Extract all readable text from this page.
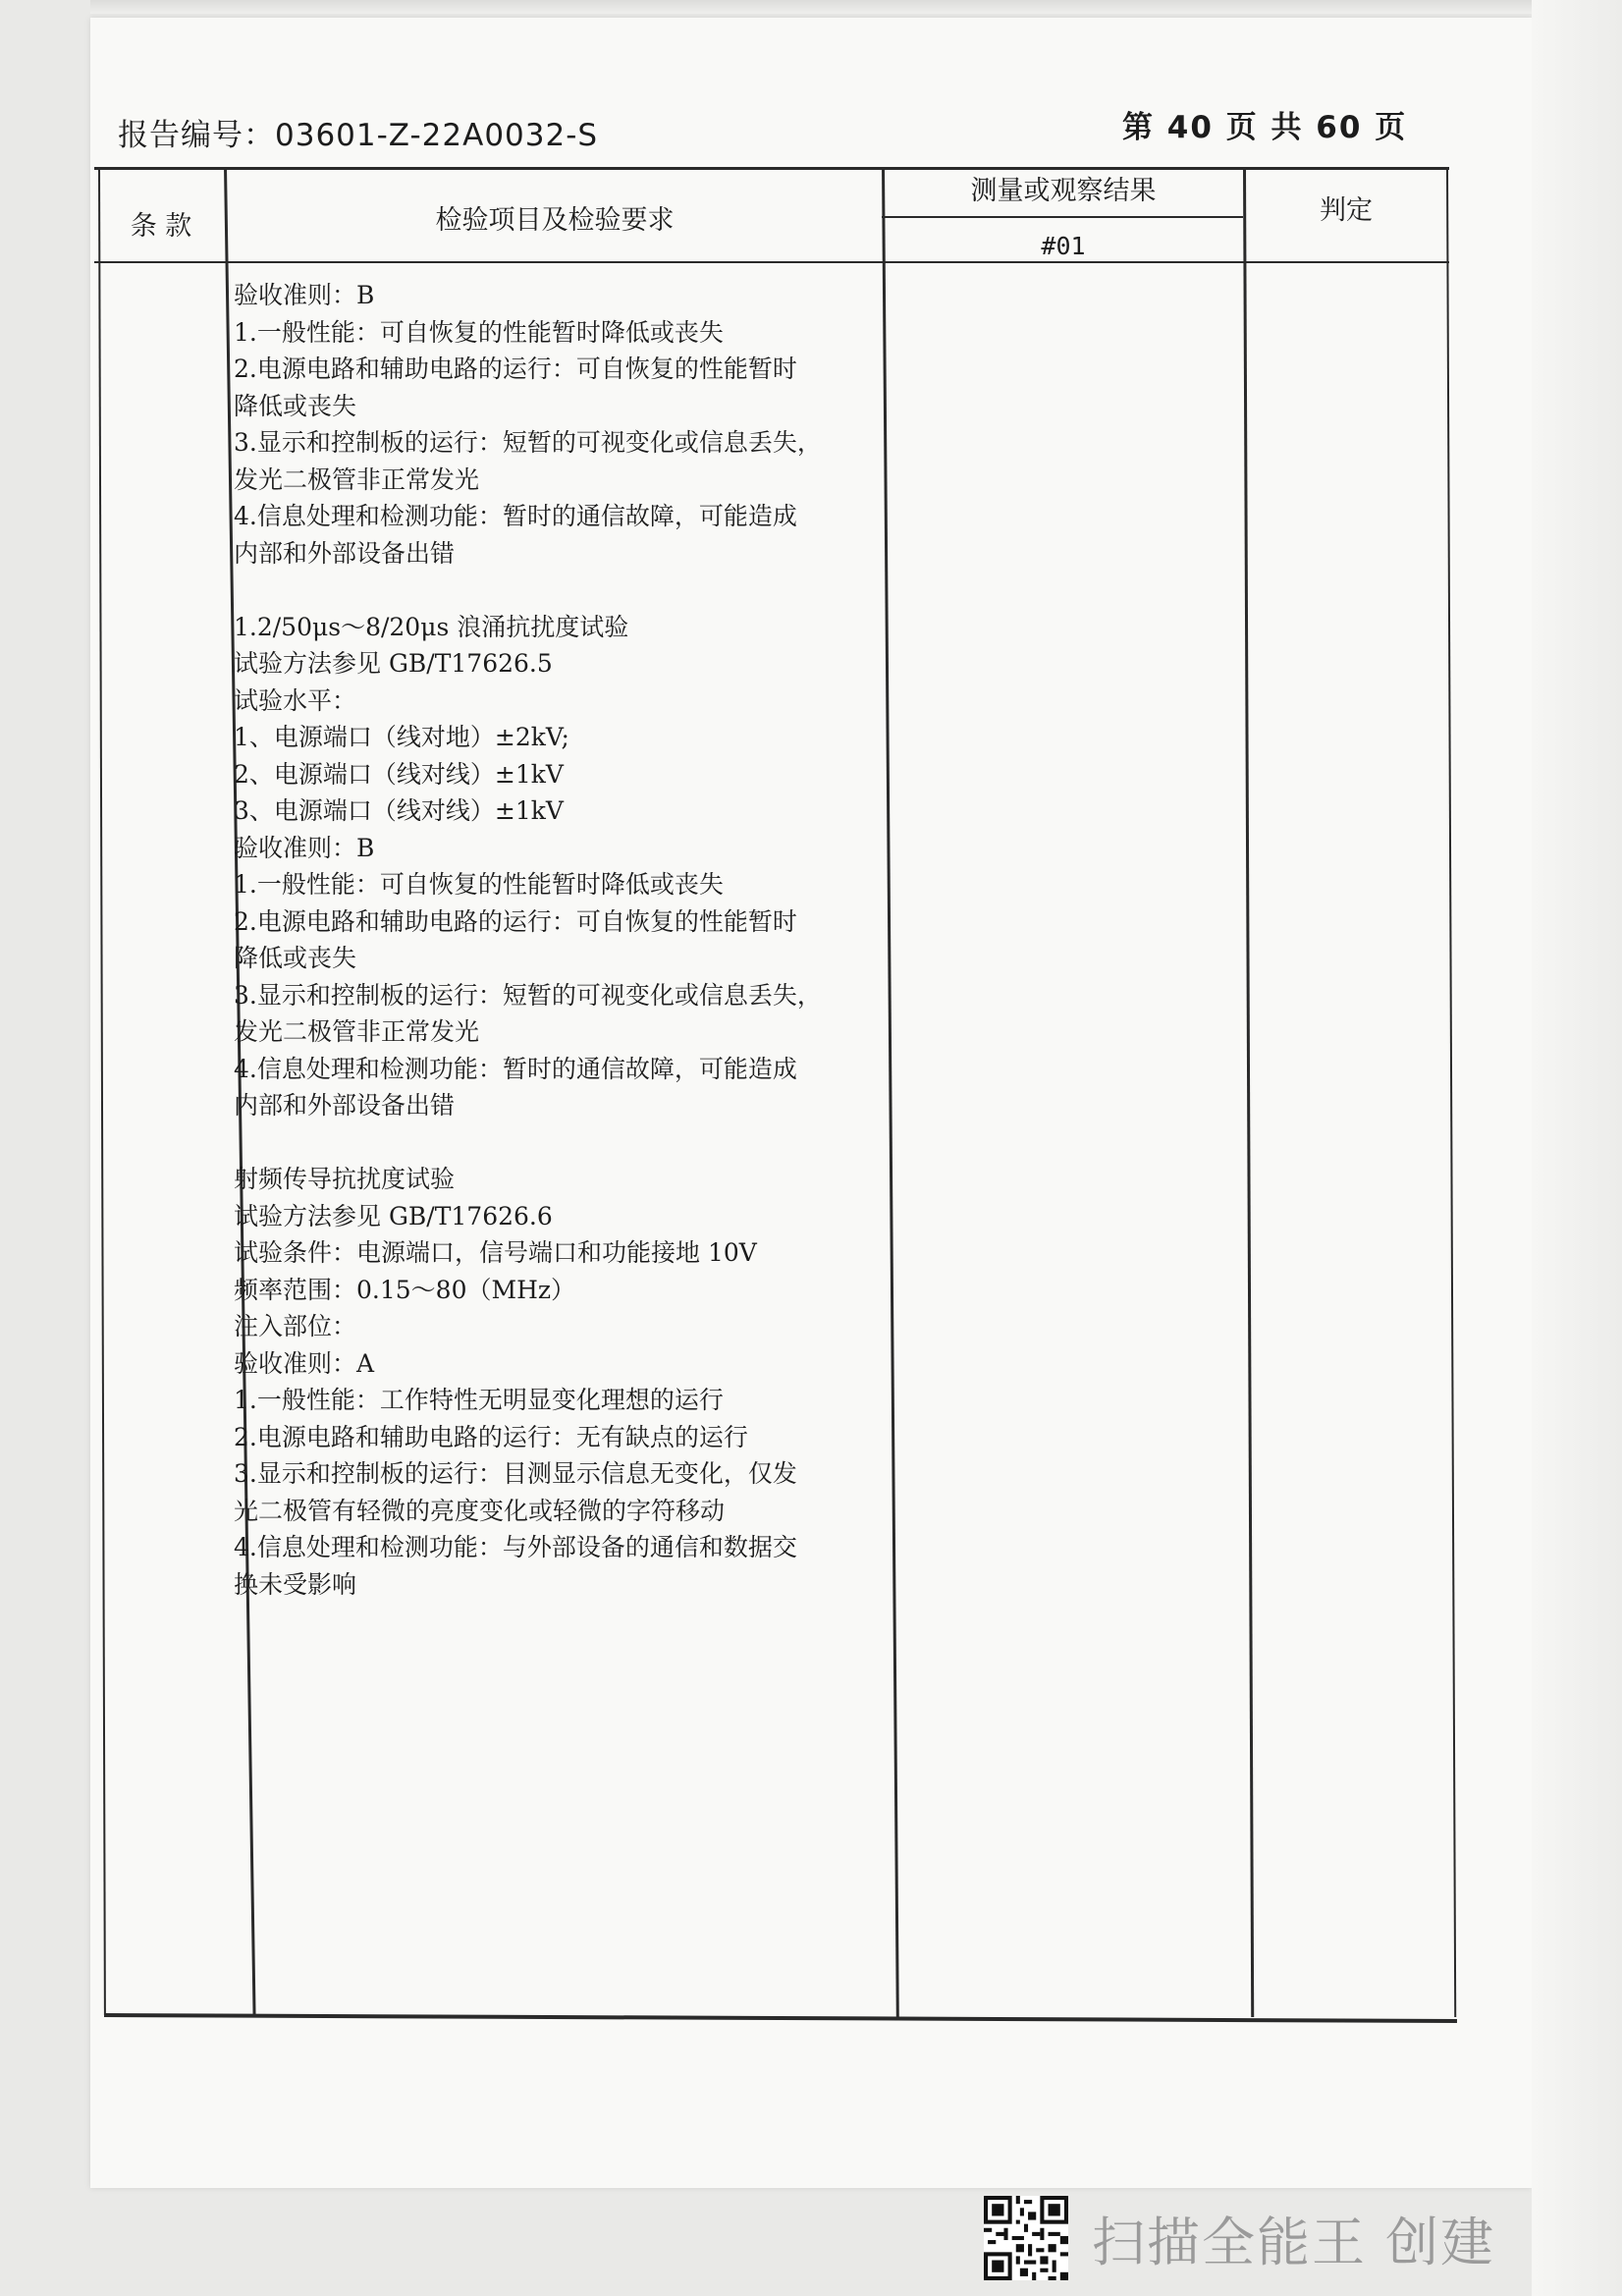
报告编号：03601-Z-22A0032-S	第 40 页 共 60 页
条 款	检验项目及检验要求
测量或观察结果
#01
判定
验收准则：B
1.一般性能：可自恢复的性能暂时降低或丧失
2.电源电路和辅助电路的运行：可自恢复的性能暂时
降低或丧失
3.显示和控制板的运行：短暂的可视变化或信息丢失，
发光二极管非正常发光
4.信息处理和检测功能：暂时的通信故障，可能造成
内部和外部设备出错
1.2/50μs～8/20μs 浪涌抗扰度试验
试验方法参见 GB/T17626.5
试验水平：
1、电源端口（线对地）±2kV;
2、电源端口（线对线）±1kV
3、电源端口（线对线）±1kV
验收准则：B
1.一般性能：可自恢复的性能暂时降低或丧失
2.电源电路和辅助电路的运行：可自恢复的性能暂时
降低或丧失
3.显示和控制板的运行：短暂的可视变化或信息丢失，
发光二极管非正常发光
4.信息处理和检测功能：暂时的通信故障，可能造成
内部和外部设备出错
射频传导抗扰度试验
试验方法参见 GB/T17626.6
试验条件：电源端口，信号端口和功能接地 10V
频率范围：0.15～80（MHz）
注入部位：
验收准则：A
1.一般性能：工作特性无明显变化理想的运行
2.电源电路和辅助电路的运行：无有缺点的运行
3.显示和控制板的运行：目测显示信息无变化，仅发
光二极管有轻微的亮度变化或轻微的字符移动
4.信息处理和检测功能：与外部设备的通信和数据交
换未受影响
扫描全能王 创建
